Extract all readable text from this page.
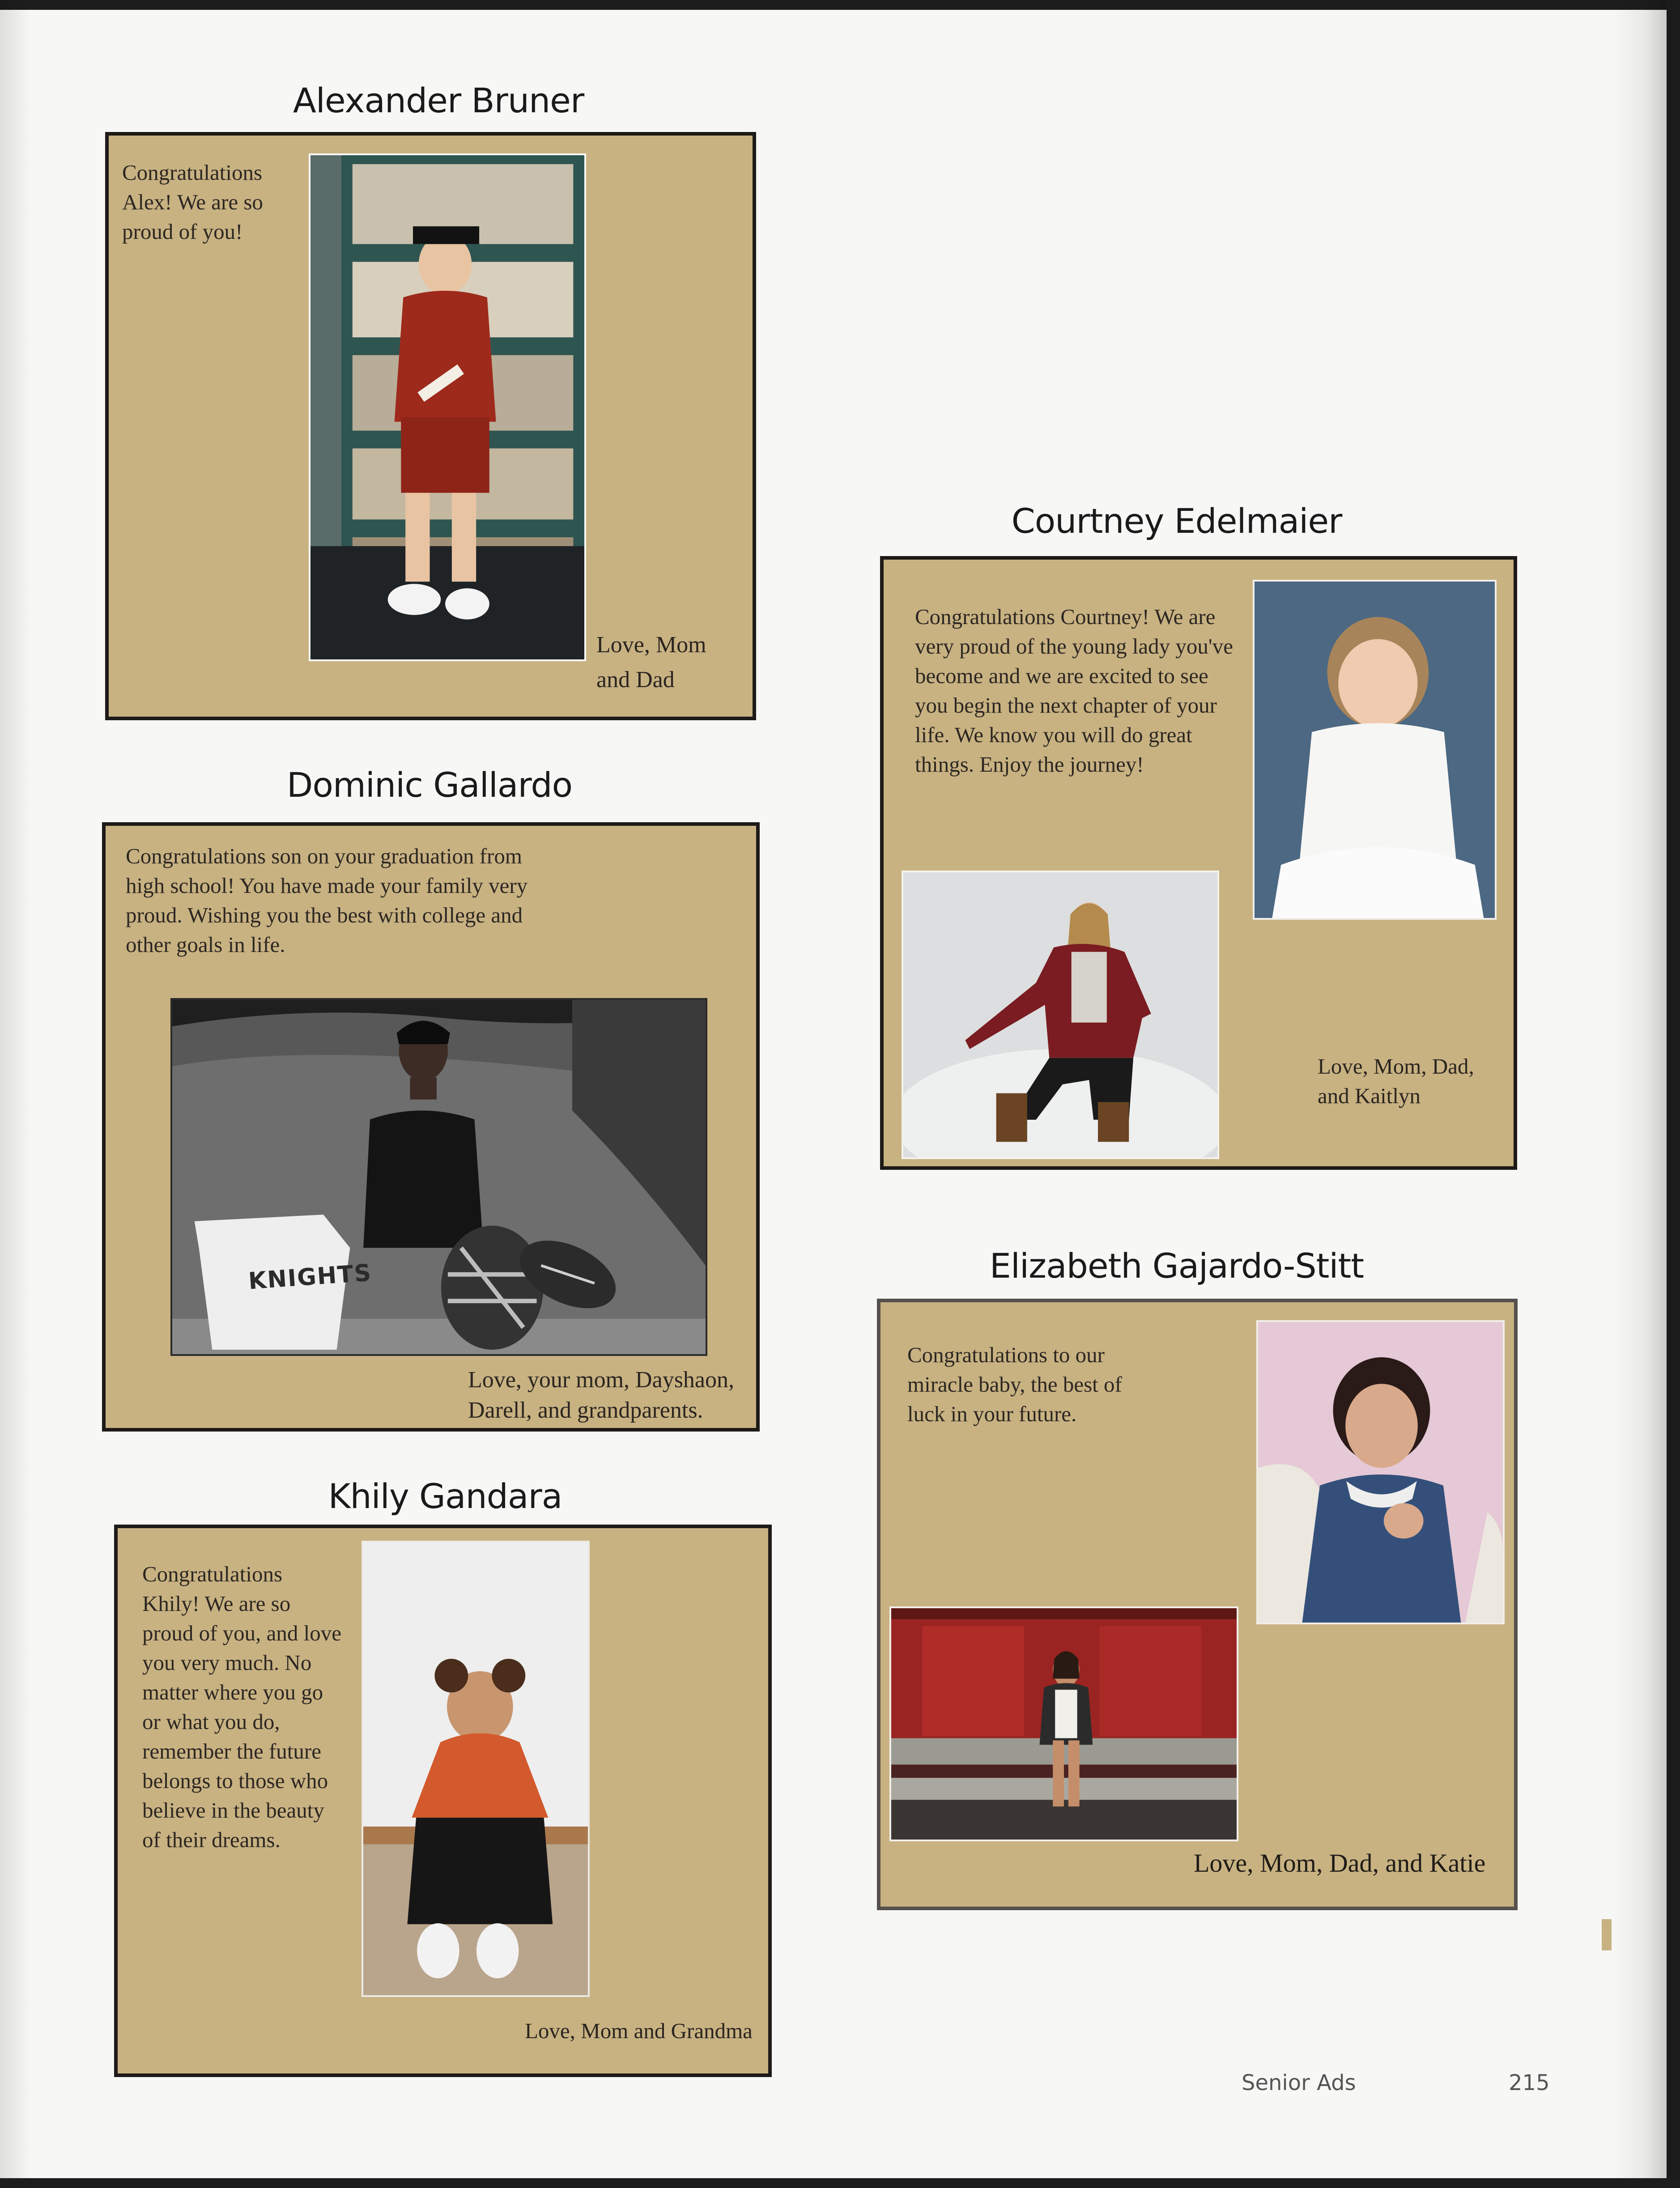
Alexander Bruner
Congratulations Alex! We are so proud of you!
Love, Mom and Dad
Dominic Gallardo
Congratulations son on your graduation from high school! You have made your family very proud. Wishing you the best with college and other goals in life.
KNIGHTS
Love, your mom, Dayshaon, Darell, and grandparents.
Khily Gandara
Congratulations Khily! We are so proud of you, and love you very much. No matter where you go or what you do, remember the future belongs to those who believe in the beauty of their dreams.
Love, Mom and Grandma
Courtney Edelmaier
Congratulations Courtney! We are very proud of the young lady you've become and we are excited to see you begin the next chapter of your life. We know you will do great things. Enjoy the journey!
Love, Mom, Dad, and Kaitlyn
Elizabeth Gajardo-Stitt
Congratulations to our miracle baby, the best of luck in your future.
Love, Mom, Dad, and Katie
Senior Ads	215
